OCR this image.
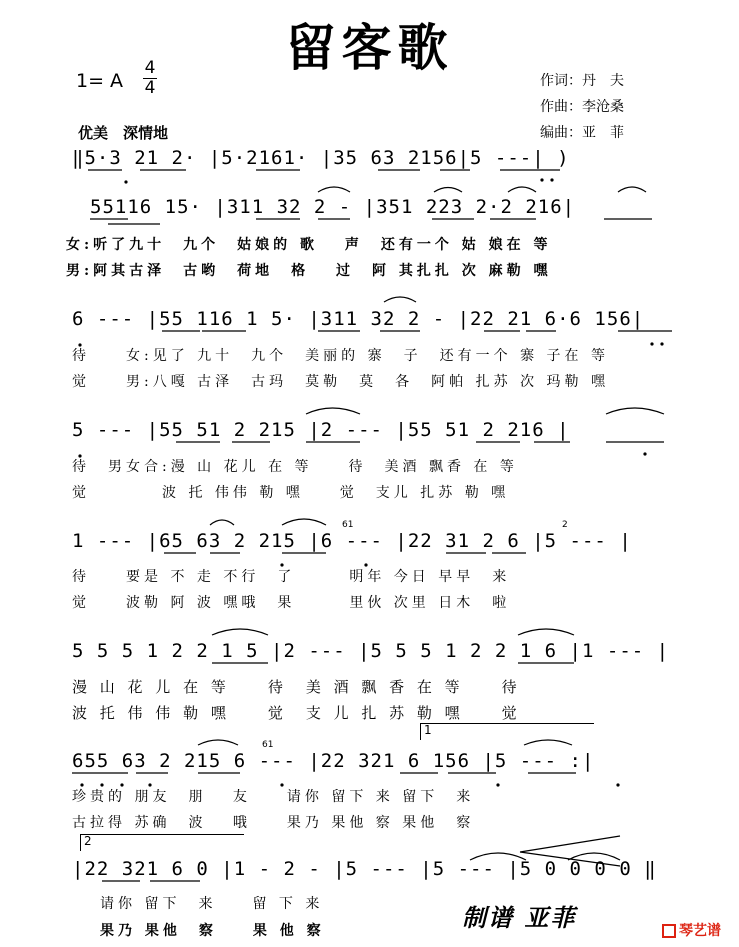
留客歌
1= A
4
4	作词：丹　夫
作曲：李沧桑
编曲：亚　菲
优美　深情地
‖5·3 21 2· |5·2161· |35 63 2156|5 ---| )
55116 15· |311 32 2 - |351 223 2·2 216|
女:听了九十　九个　姑娘的 歌　 声　还有一个 姑 娘在 等
男:阿其古泽　古哟　荷地　格　 过　阿 其扎扎 次 麻勒 嘿
6 --- |55 116 1 5· |311 32 2 - |22 21 6·6 156|
待　　女:见了 九十　九个　美丽的 寨　子　还有一个 寨 子在 等
觉　　男:八嘎 古泽　古玛　莫勒　莫　各　阿帕 扎苏 次 玛勒 嘿
5 --- |55 51 2 215 |2 --- |55 51 2 216 |
待　男女合:漫 山 花儿 在 等　　待　美酒 飘香 在 等
觉　　　　波 托 伟伟 勒 嘿　　觉　支儿 扎苏 勒 嘿
1 --- |65 63 2 215 |6 --- |22 31 2 6 |5 --- |
待　　要是 不 走 不行　了　　　明年 今日 早早　来
觉　　波勒 阿 波 嘿哦　果　　　里伙 次里 日木　啦
61	2
5 5 5 1 2 2 1 5 |2 --- |5 5 5 1 2 2 1 6 |1 --- |
漫 山 花 儿 在 等　　待　美 酒 飘 香 在 等　　待
波 托 伟 伟 勒 嘿　　觉　支 儿 扎 苏 勒 嘿　　觉
1
655 63 2 215 6 --- |22 321 6 156 |5 --- :|
61
珍贵的 朋友　朋　 友　　请你 留下 来 留下　来
古拉得 苏确　波　 哦　　果乃 果他 察 果他　察
2
|22 321 6 0 |1 - 2 - |5 --- |5 --- |5 0 0 0 0 ‖
请你 留下　来　　留 下 来
果乃 果他　察　　果 他 察	制谱 亚菲	琴艺谱
